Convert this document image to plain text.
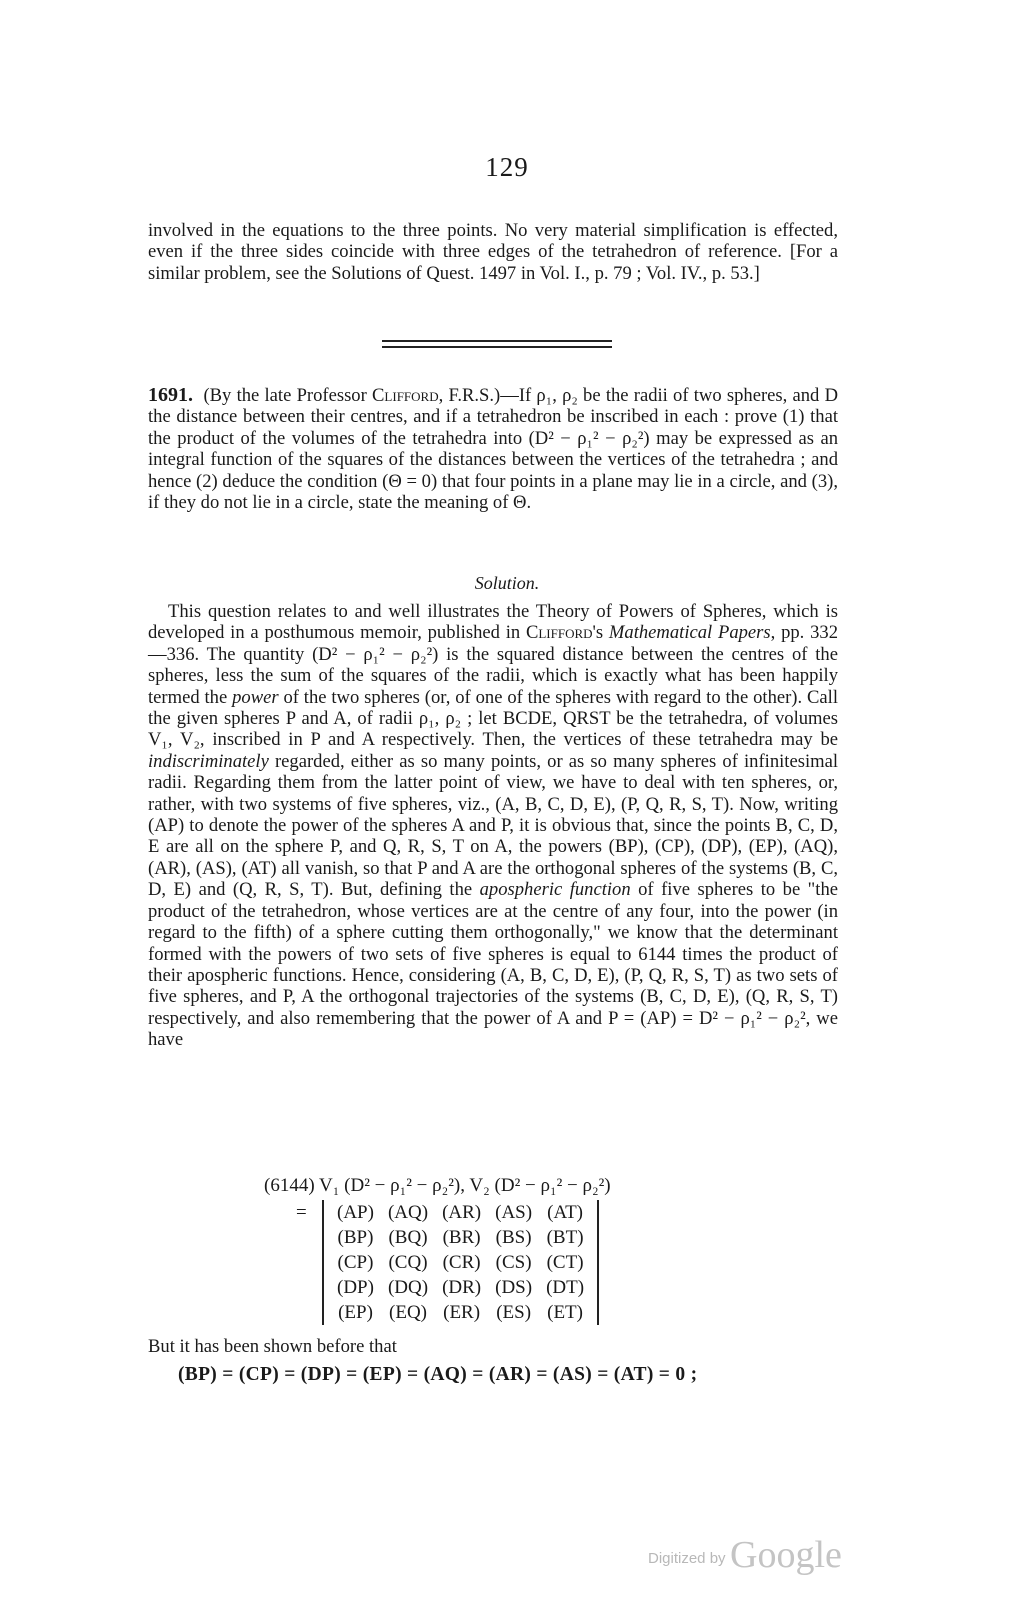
129

involved in the equations to the three points. No very material simplification is effected, even if the three sides coincide with three edges of the tetrahedron of reference. [For a similar problem, see the Solutions of Quest. 1497 in Vol. I., p. 79 ; Vol. IV., p. 53.]

1691. (By the late Professor Clifford, F.R.S.)—If ρ₁, ρ₂ be the radii of two spheres, and D the distance between their centres, and if a tetrahedron be inscribed in each : prove (1) that the product of the volumes of the tetrahedra into (D² − ρ₁² − ρ₂²) may be expressed as an integral function of the squares of the distances between the vertices of the tetrahedra ; and hence (2) deduce the condition (Θ = 0) that four points in a plane may lie in a circle, and (3), if they do not lie in a circle, state the meaning of Θ.

Solution.

This question relates to and well illustrates the Theory of Powers of Spheres, which is developed in a posthumous memoir, published in Clifford's Mathematical Papers, pp. 332—336. The quantity (D² − ρ₁² − ρ₂²) is the squared distance between the centres of the spheres, less the sum of the squares of the radii, which is exactly what has been happily termed the power of the two spheres (or, of one of the spheres with regard to the other). Call the given spheres P and A, of radii ρ₁, ρ₂ ; let BCDE, QRST be the tetrahedra, of volumes V₁, V₂, inscribed in P and A respectively. Then, the vertices of these tetrahedra may be indiscriminately regarded, either as so many points, or as so many spheres of infinitesimal radii. Regarding them from the latter point of view, we have to deal with ten spheres, or, rather, with two systems of five spheres, viz., (A, B, C, D, E), (P, Q, R, S, T). Now, writing (AP) to denote the power of the spheres A and P, it is obvious that, since the points B, C, D, E are all on the sphere P, and Q, R, S, T on A, the powers (BP), (CP), (DP), (EP), (AQ), (AR), (AS), (AT) all vanish, so that P and A are the orthogonal spheres of the systems (B, C, D, E) and (Q, R, S, T). But, defining the apospheric function of five spheres to be "the product of the tetrahedron, whose vertices are at the centre of any four, into the power (in regard to the fifth) of a sphere cutting them orthogonally," we know that the determinant formed with the powers of two sets of five spheres is equal to 6144 times the product of their apospheric functions. Hence, considering (A, B, C, D, E), (P, Q, R, S, T) as two sets of five spheres, and P, A the orthogonal trajectories of the systems (B, C, D, E), (Q, R, S, T) respectively, and also remembering that the power of A and P = (AP) = D² − ρ₁² − ρ₂², we have

(6144) V₁ (D² − ρ₁² − ρ₂²), V₂ (D² − ρ₁² − ρ₂²)
= (AP)	(AQ)	(AR)	(AS)	(AT)
(BP)	(BQ)	(BR)	(BS)	(BT)
(CP)	(CQ)	(CR)	(CS)	(CT)
(DP)	(DQ)	(DR)	(DS)	(DT)
(EP)	(EQ)	(ER)	(ES)	(ET)

But it has been shown before that

(BP) = (CP) = (DP) = (EP) = (AQ) = (AR) = (AS) = (AT) = 0 ;
Digitized by Google
